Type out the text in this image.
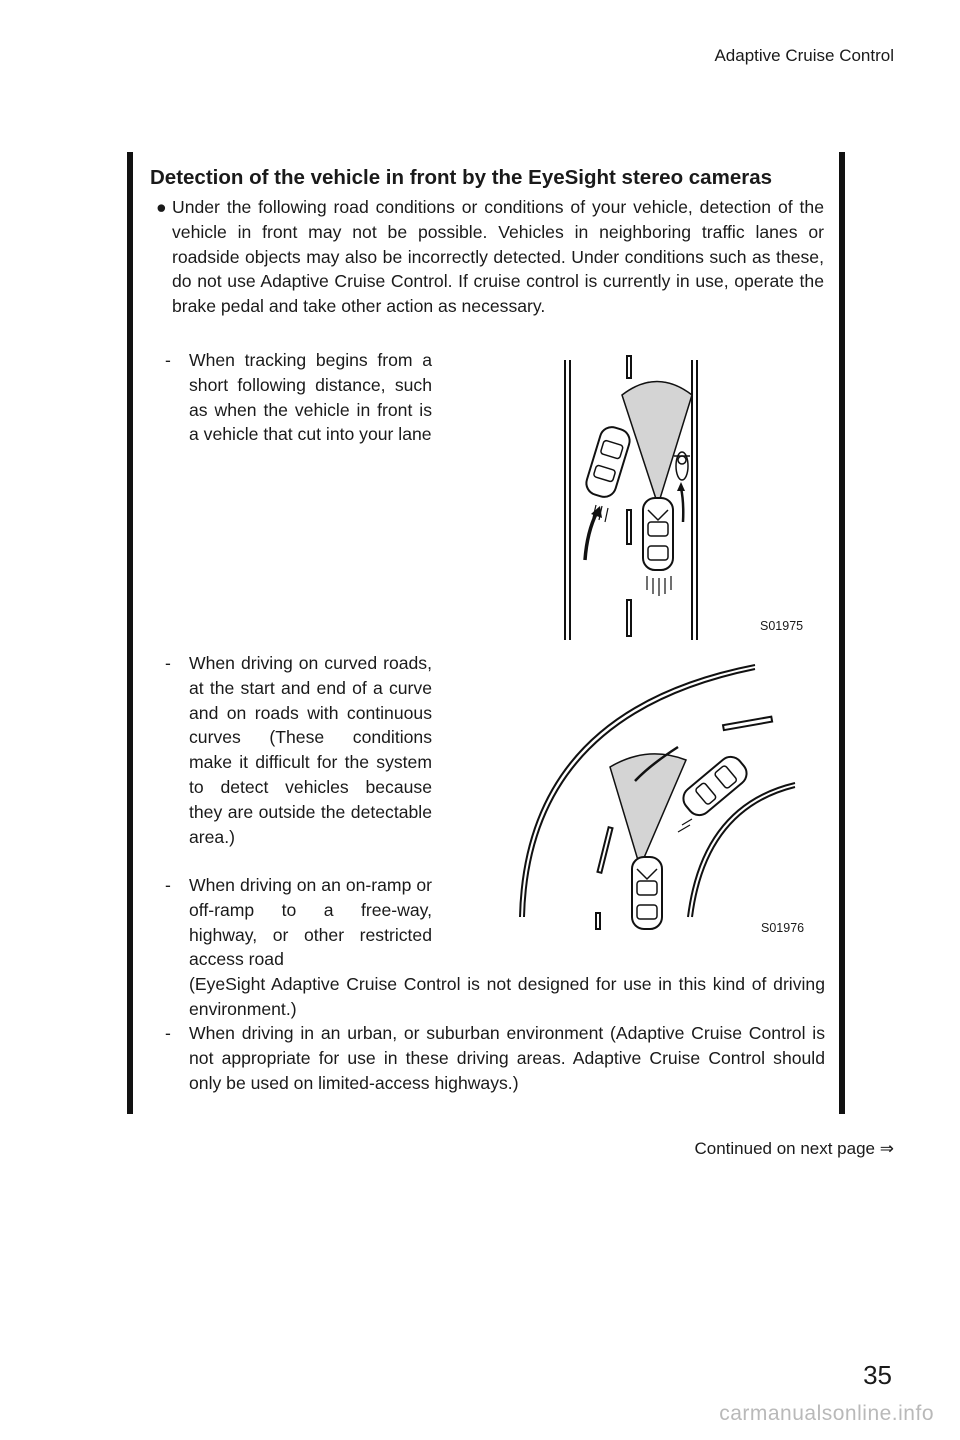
Adaptive Cruise Control
Detection of the vehicle in front by the EyeSight stereo cameras
● Under the following road conditions or conditions of your vehicle, detection of the vehicle in front may not be possible. Vehicles in neighboring traffic lanes or roadside objects may also be incorrectly detected. Under conditions such as these, do not use Adaptive Cruise Control. If cruise control is currently in use, operate the brake pedal and take other action as necessary.
- When tracking begins from a short following distance, such as when the vehicle in front is a vehicle that cut into your lane
- When driving on curved roads, at the start and end of a curve and on roads with continuous curves (These conditions make it difficult for the system to detect vehicles because they are outside the detectable area.)
- When driving on an on-ramp or off-ramp to a free-way, highway, or other restricted access road
(EyeSight Adaptive Cruise Control is not designed for use in this kind of driving environment.)
- When driving in an urban, or suburban environment (Adaptive Cruise Control is not appropriate for use in these driving areas. Adaptive Cruise Control should only be used on limited-access highways.)
S01975
S01976
Continued on next page ⇒
35
carmanualsonline.info
